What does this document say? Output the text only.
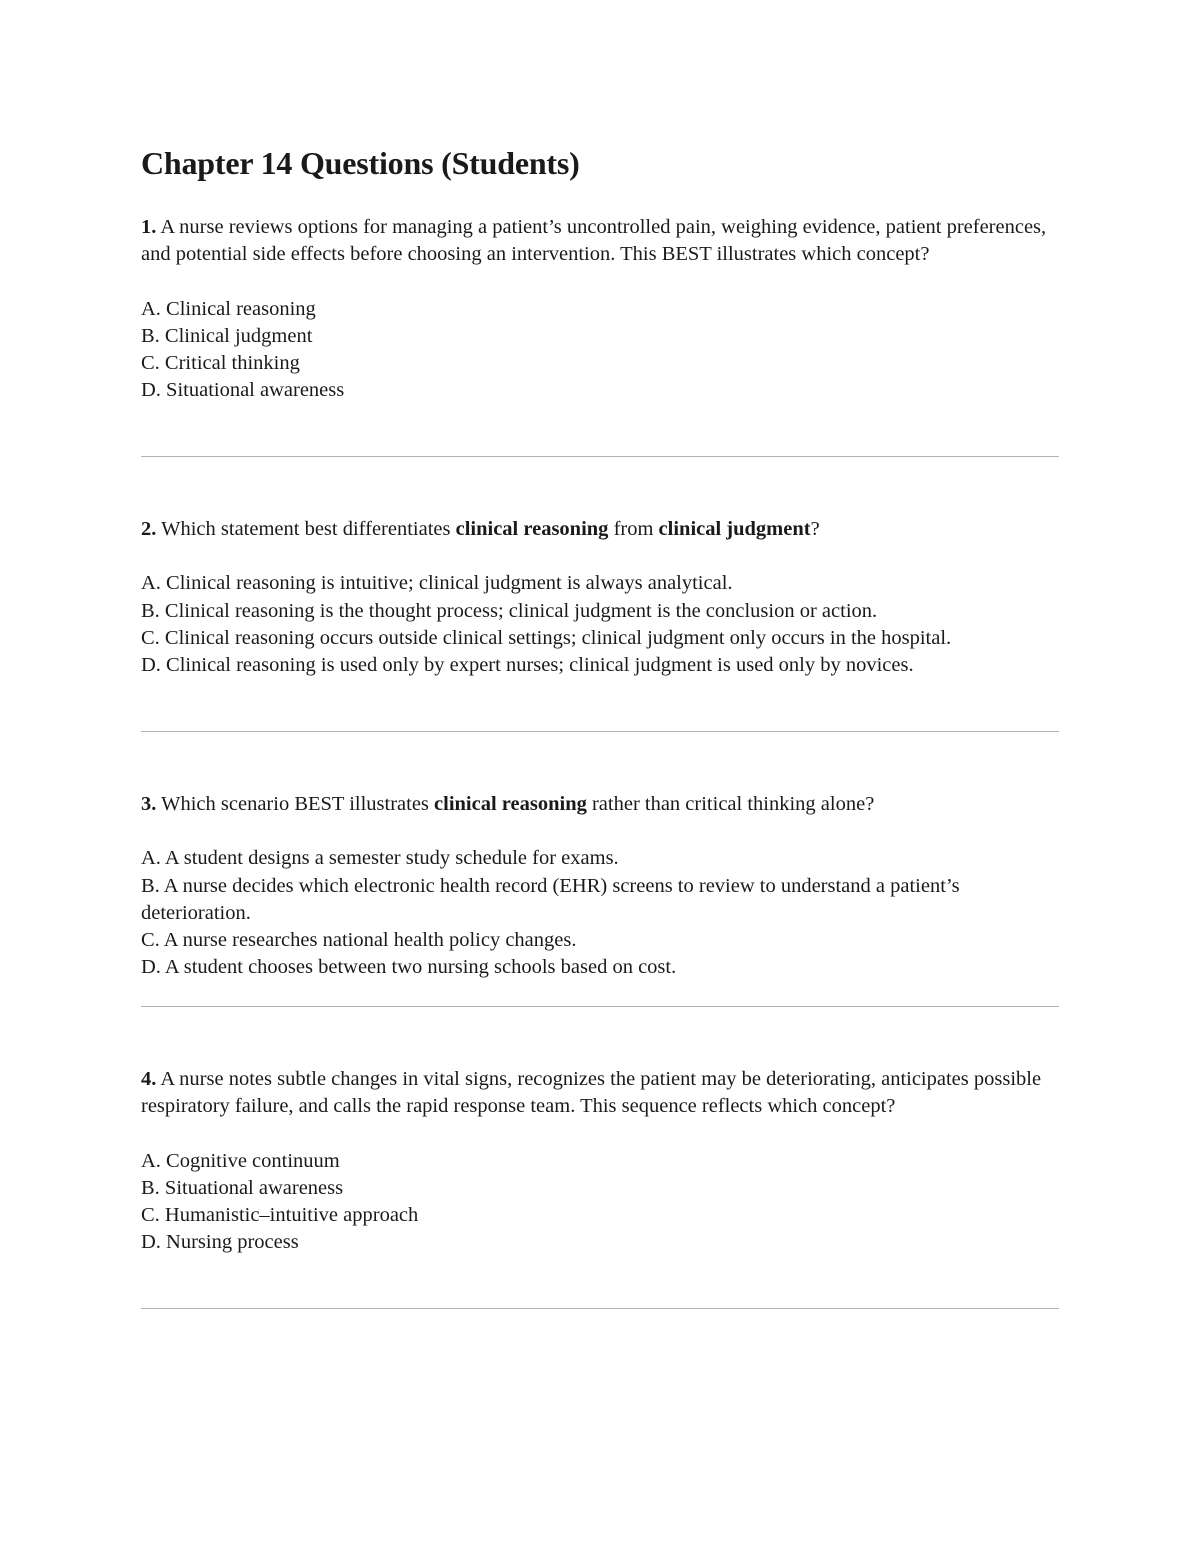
Chapter 14 Questions (Students)

1. A nurse reviews options for managing a patient’s uncontrolled pain, weighing evidence, patient preferences, and potential side effects before choosing an intervention. This BEST illustrates which concept?

A. Clinical reasoning

B. Clinical judgment

C. Critical thinking

D. Situational awareness

2. Which statement best differentiates clinical reasoning from clinical judgment?

A. Clinical reasoning is intuitive; clinical judgment is always analytical.

B. Clinical reasoning is the thought process; clinical judgment is the conclusion or action.

C. Clinical reasoning occurs outside clinical settings; clinical judgment only occurs in the hospital.

D. Clinical reasoning is used only by expert nurses; clinical judgment is used only by novices.

3. Which scenario BEST illustrates clinical reasoning rather than critical thinking alone?

A. A student designs a semester study schedule for exams.

B. A nurse decides which electronic health record (EHR) screens to review to understand a patient’s deterioration.

C. A nurse researches national health policy changes.

D. A student chooses between two nursing schools based on cost.

4. A nurse notes subtle changes in vital signs, recognizes the patient may be deteriorating, anticipates possible respiratory failure, and calls the rapid response team. This sequence reflects which concept?

A. Cognitive continuum

B. Situational awareness

C. Humanistic–intuitive approach

D. Nursing process
